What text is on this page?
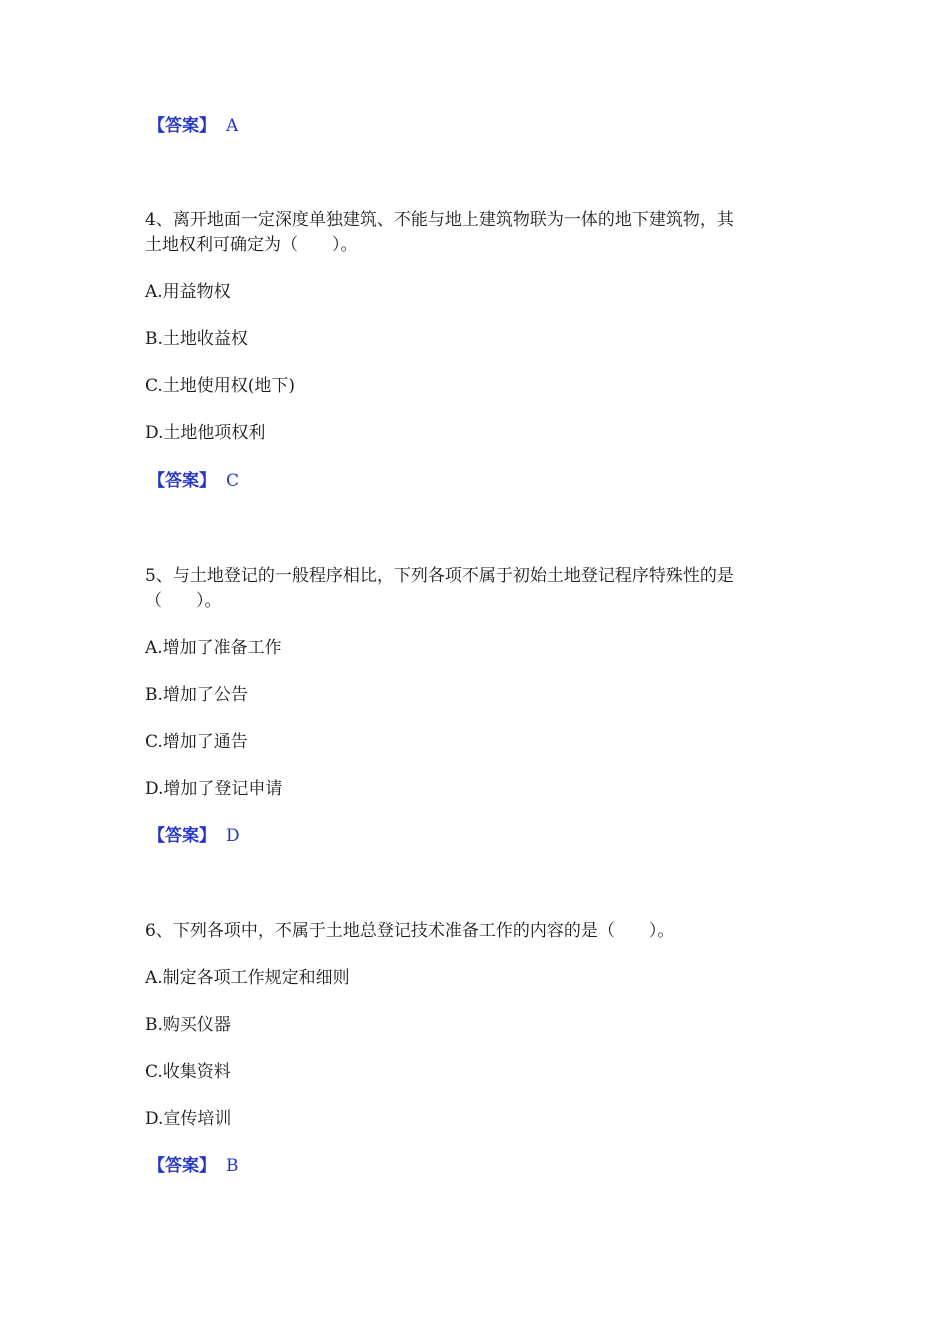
【答案】 A
4、离开地面一定深度单独建筑、不能与地上建筑物联为一体的地下建筑物，其
土地权利可确定为（　　）。
A.用益物权
B.土地收益权
C.土地使用权(地下)
D.土地他项权利
【答案】 C
5、与土地登记的一般程序相比，下列各项不属于初始土地登记程序特殊性的是
（　　）。
A.增加了准备工作
B.增加了公告
C.增加了通告
D.增加了登记申请
【答案】 D
6、下列各项中，不属于土地总登记技术准备工作的内容的是（　　）。
A.制定各项工作规定和细则
B.购买仪器
C.收集资料
D.宣传培训
【答案】 B
